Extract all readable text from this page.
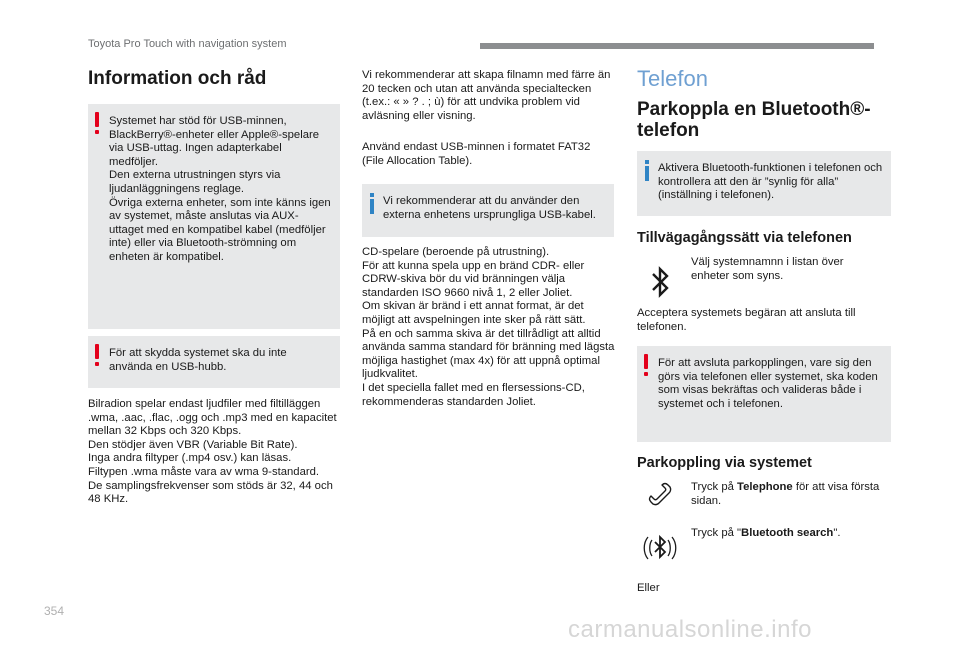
Toyota Pro Touch with navigation system
Information och råd

Systemet har stöd för USB-minnen, BlackBerry®-enheter eller Apple®-spelare via USB-uttag. Ingen adapterkabel medföljer.
Den externa utrustningen styrs via ljudanläggningens reglage.
Övriga externa enheter, som inte känns igen av systemet, måste anslutas via AUX-uttaget med en kompatibel kabel (medföljer inte) eller via Bluetooth-strömning om enheten är kompatibel.

För att skydda systemet ska du inte använda en USB-hubb.

Bilradion spelar endast ljudfiler med filtilläggen .wma, .aac, .flac, .ogg och .mp3 med en kapacitet mellan 32 Kbps och 320 Kbps.
Den stödjer även VBR (Variable Bit Rate).
Inga andra filtyper (.mp4 osv.) kan läsas.
Filtypen .wma måste vara av wma 9-standard.
De samplingsfrekvenser som stöds är 32, 44 och 48 KHz.

Vi rekommenderar att skapa filnamn med färre än 20 tecken och utan att använda specialtecken (t.ex.: « » ? . ; ù) för att undvika problem vid avläsning eller visning.

Använd endast USB-minnen i formatet FAT32 (File Allocation Table).

Vi rekommenderar att du använder den externa enhetens ursprungliga USB-kabel.

CD-spelare (beroende på utrustning).
För att kunna spela upp en bränd CDR- eller CDRW-skiva bör du vid bränningen välja standarden ISO 9660 nivå 1, 2 eller Joliet.
Om skivan är bränd i ett annat format, är det möjligt att avspelningen inte sker på rätt sätt.
På en och samma skiva är det tillrådligt att alltid använda samma standard för bränning med lägsta möjliga hastighet (max 4x) för att uppnå optimal ljudkvalitet.
I det speciella fallet med en flersessions-CD, rekommenderas standarden Joliet.

Telefon
Parkoppla en Bluetooth®-
telefon

Aktivera Bluetooth-funktionen i telefonen och kontrollera att den är ”synlig för alla” (inställning i telefonen).

Tillvägagångssätt via telefonen

Välj systemnamnn i listan över enheter som syns.

Acceptera systemets begäran att ansluta till telefonen.

För att avsluta parkopplingen, vare sig den görs via telefonen eller systemet, ska koden som visas bekräftas och valideras både i systemet och i telefonen.

Parkoppling via systemet

Tryck på Telephone för att visa första sidan.

Tryck på "Bluetooth search".

Eller

354
carmanualsonline.info
